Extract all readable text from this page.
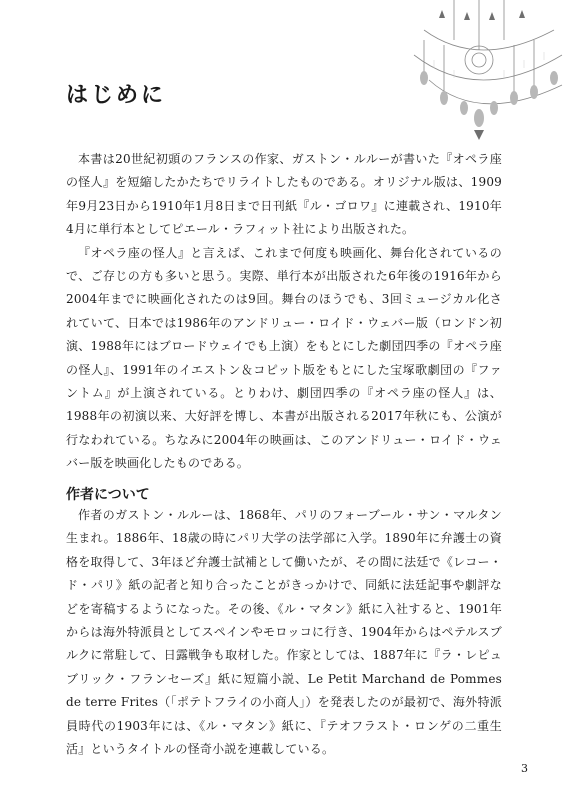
はじめに

本書は20世紀初頭のフランスの作家、ガストン・ルルーが書いた『オペラ座の怪人』を短縮したかたちでリライトしたものである。オリジナル版は、1909年9月23日から1910年1月8日まで日刊紙『ル・ゴロワ』に連載され、1910年4月に単行本としてピエール・ラフィット社により出版された。

『オペラ座の怪人』と言えば、これまで何度も映画化、舞台化されているので、ご存じの方も多いと思う。実際、単行本が出版された6年後の1916年から2004年までに映画化されたのは9回。舞台のほうでも、3回ミュージカル化されていて、日本では1986年のアンドリュー・ロイド・ウェバー版（ロンドン初演、1988年にはブロードウェイでも上演）をもとにした劇団四季の『オペラ座の怪人』、1991年のイエストン＆コピット版をもとにした宝塚歌劇団の『ファントム』が上演されている。とりわけ、劇団四季の『オペラ座の怪人』は、1988年の初演以来、大好評を博し、本書が出版される2017年秋にも、公演が行なわれている。ちなみに2004年の映画は、このアンドリュー・ロイド・ウェバー版を映画化したものである。

作者について

作者のガストン・ルルーは、1868年、パリのフォーブール・サン・マルタン生まれ。1886年、18歳の時にパリ大学の法学部に入学。1890年に弁護士の資格を取得して、3年ほど弁護士試補として働いたが、その間に法廷で《レコー・ド・パリ》紙の記者と知り合ったことがきっかけで、同紙に法廷記事や劇評などを寄稿するようになった。その後、《ル・マタン》紙に入社すると、1901年からは海外特派員としてスペインやモロッコに行き、1904年からはペテルスブルクに常駐して、日露戦争も取材した。作家としては、1887年に『ラ・レピュブリック・フランセーズ』紙に短篇小説、Le Petit Marchand de Pommes de terre Frites（「ポテトフライの小商人」）を発表したのが最初で、海外特派員時代の1903年には、《ル・マタン》紙に、『テオフラスト・ロンゲの二重生活』というタイトルの怪奇小説を連載している。

3
